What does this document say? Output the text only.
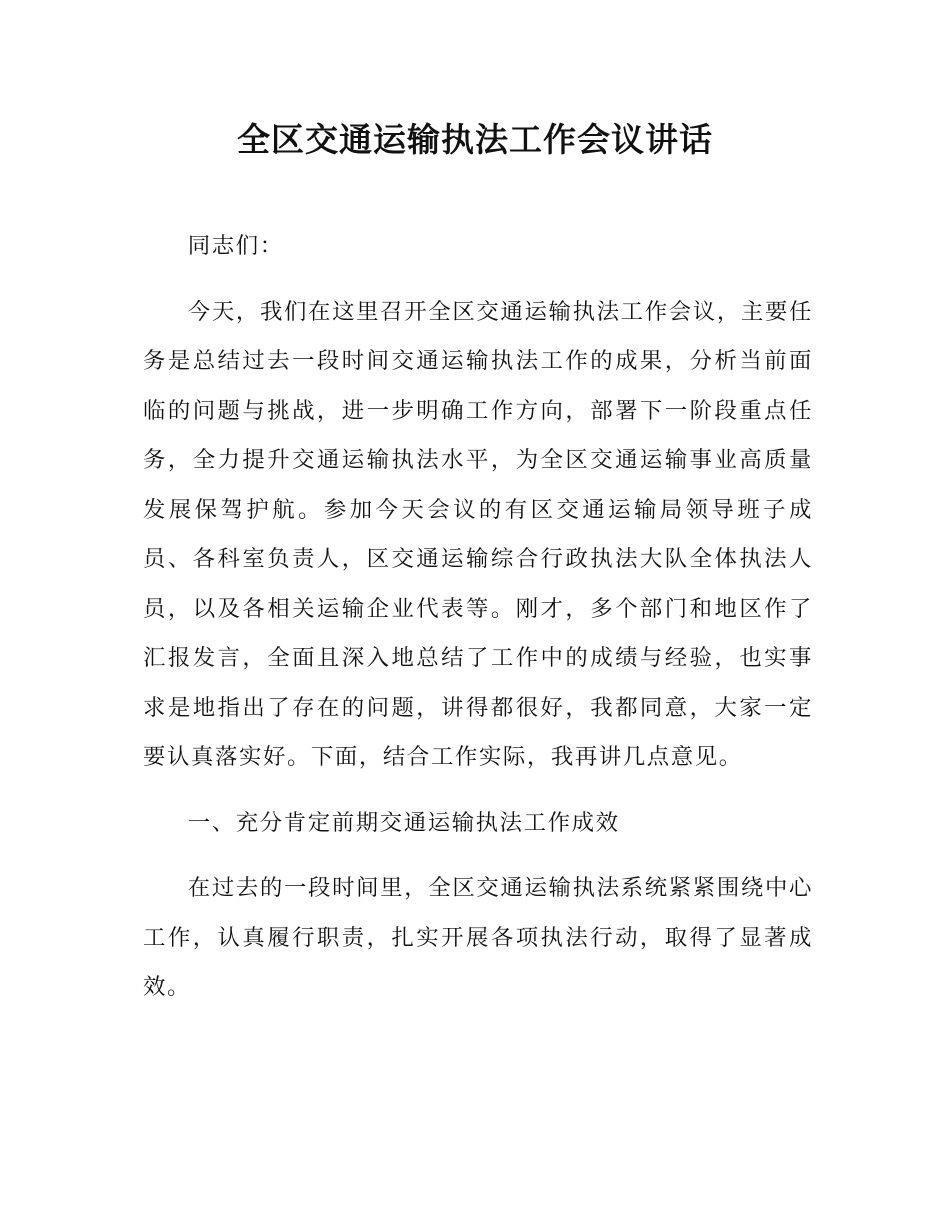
全区交通运输执法工作会议讲话

同志们：

今天，我们在这里召开全区交通运输执法工作会议，主要任务是总结过去一段时间交通运输执法工作的成果，分析当前面临的问题与挑战，进一步明确工作方向，部署下一阶段重点任务，全力提升交通运输执法水平，为全区交通运输事业高质量发展保驾护航。参加今天会议的有区交通运输局领导班子成员、各科室负责人，区交通运输综合行政执法大队全体执法人员，以及各相关运输企业代表等。刚才，多个部门和地区作了汇报发言，全面且深入地总结了工作中的成绩与经验，也实事求是地指出了存在的问题，讲得都很好，我都同意，大家一定要认真落实好。下面，结合工作实际，我再讲几点意见。

一、充分肯定前期交通运输执法工作成效

在过去的一段时间里，全区交通运输执法系统紧紧围绕中心工作，认真履行职责，扎实开展各项执法行动，取得了显著成效。
